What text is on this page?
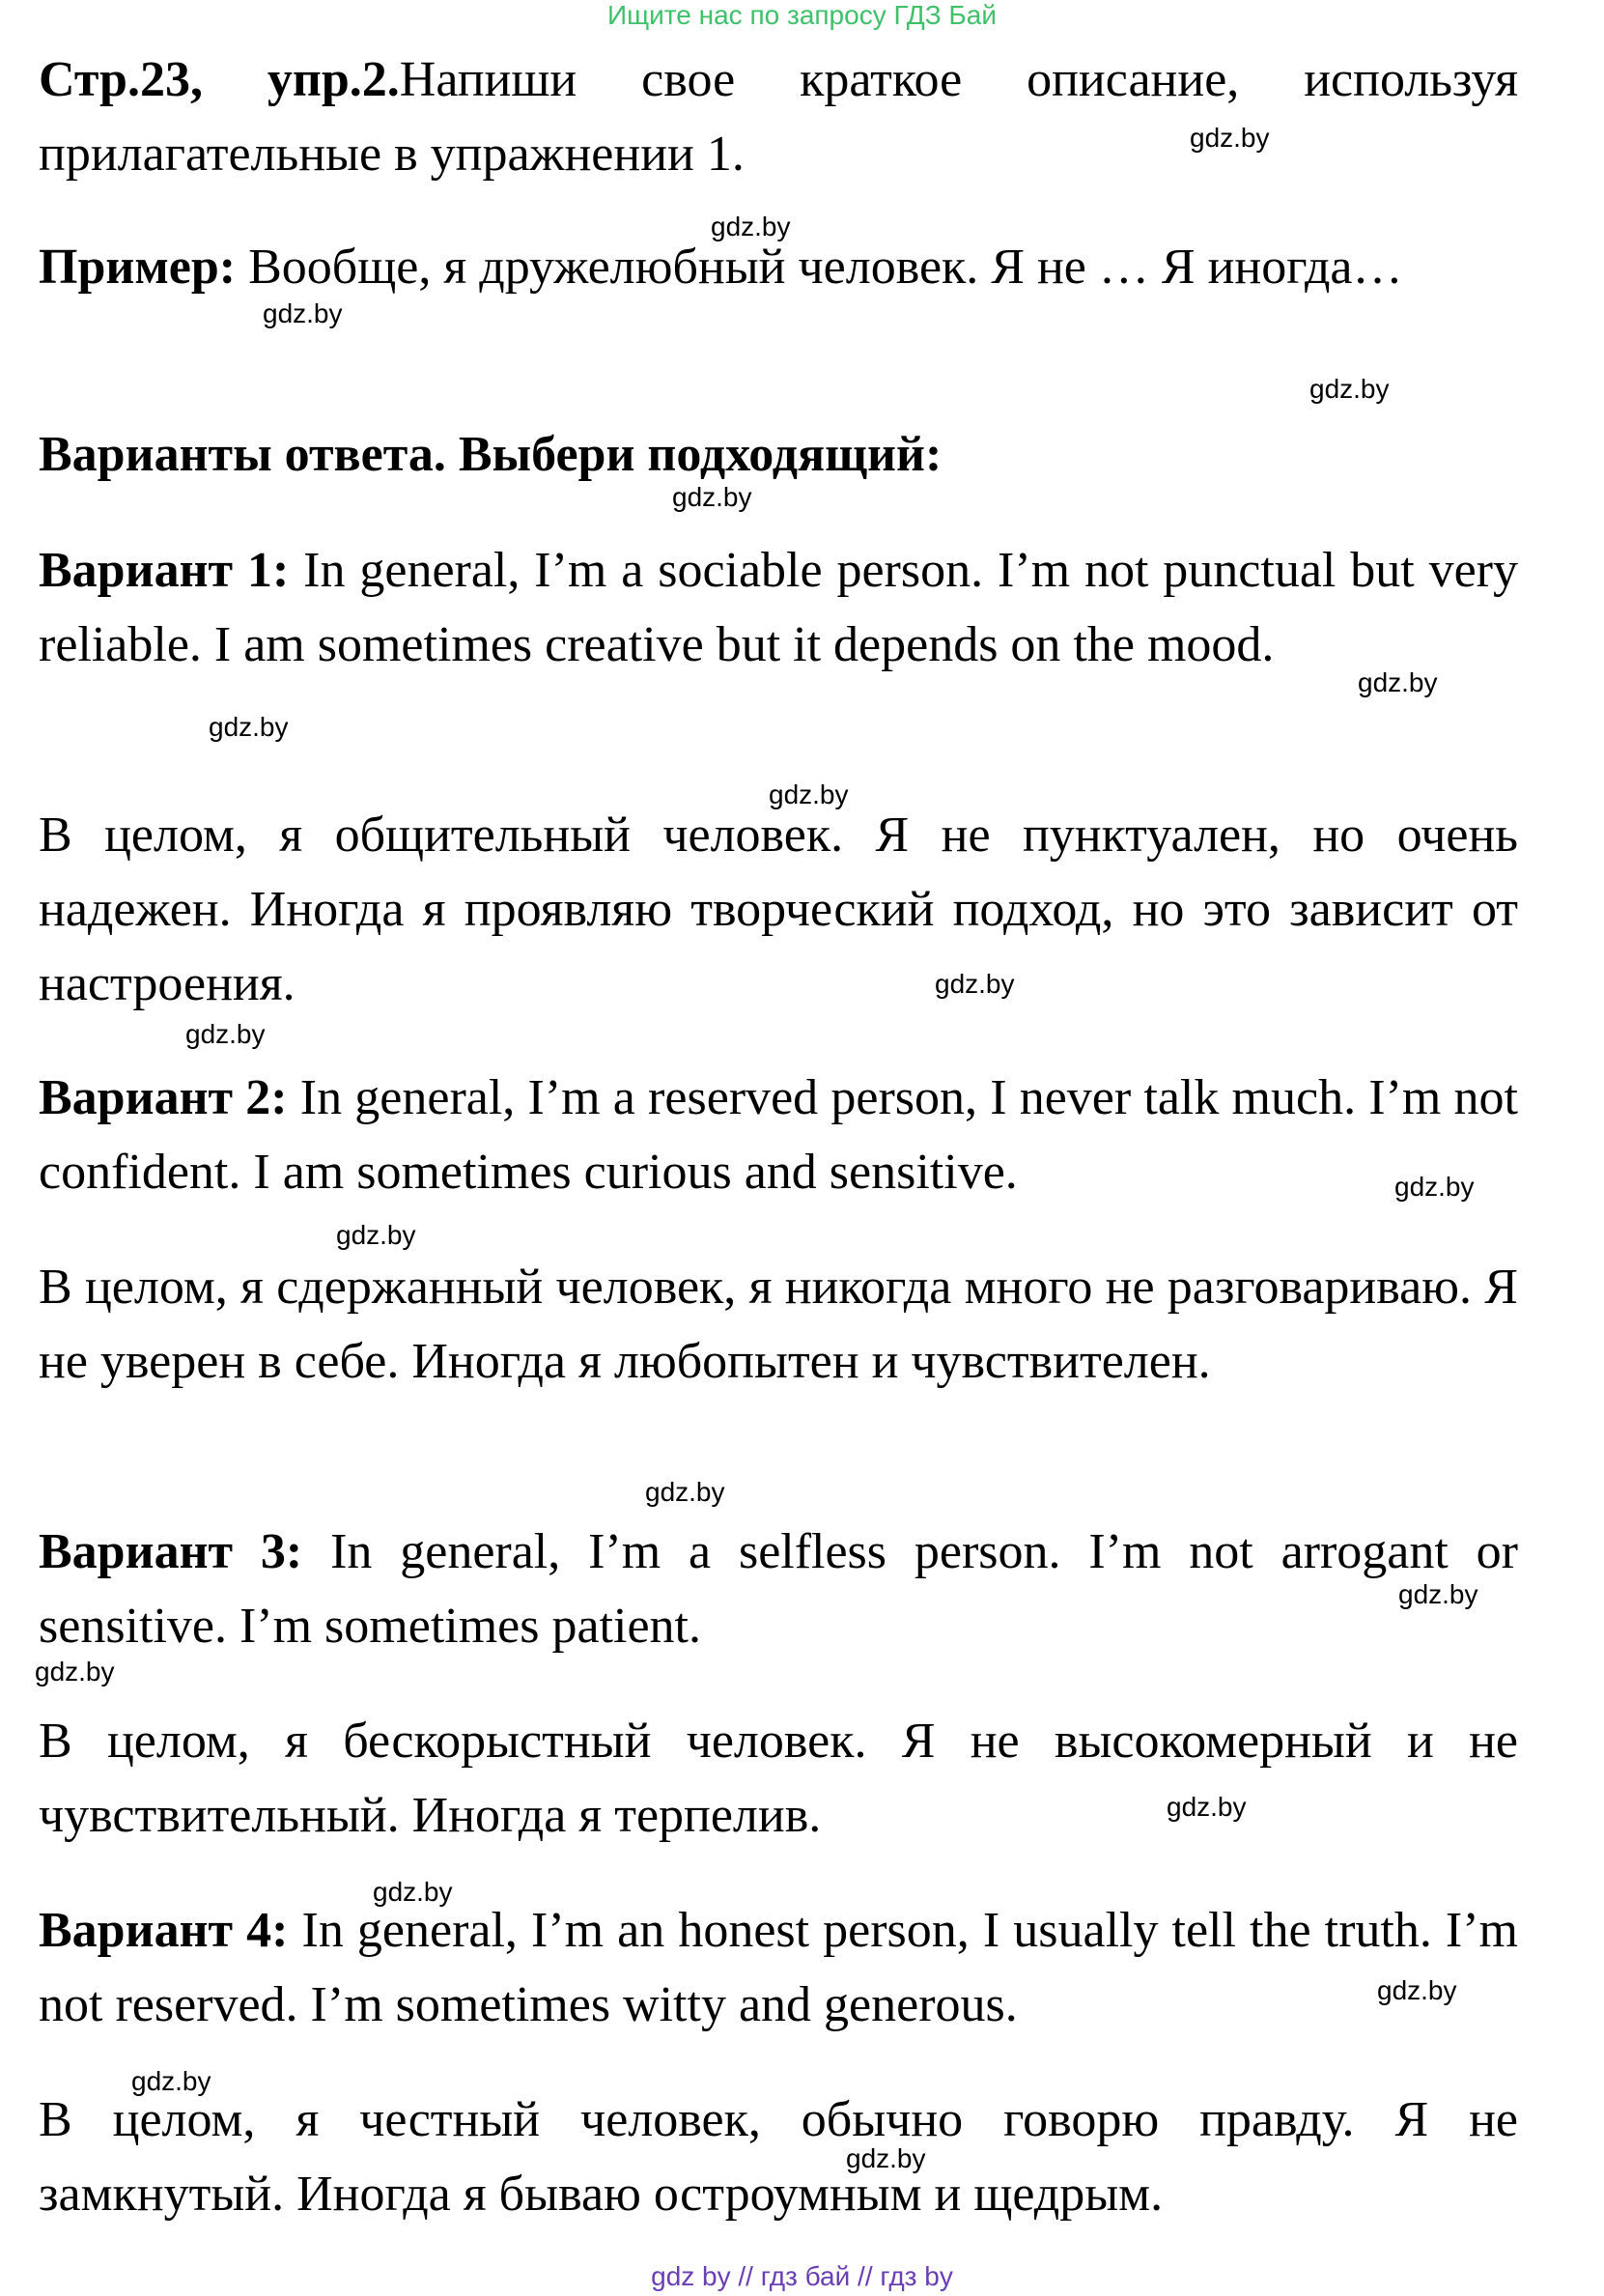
Ищите нас по запросу ГДЗ Бай

Стр.23, упр.2.Напиши свое краткое описание, используя прилагательные в упражнении 1.

Пример: Вообще, я дружелюбный человек. Я не … Я иногда…

Варианты ответа. Выбери подходящий:

Вариант 1: In general, I’m a sociable person. I’m not punctual but very reliable. I am sometimes creative but it depends on the mood.

В целом, я общительный человек. Я не пунктуален, но очень надежен. Иногда я проявляю творческий подход, но это зависит от настроения.

Вариант 2: In general, I’m a reserved person, I never talk much. I’m not confident. I am sometimes curious and sensitive.

В целом, я сдержанный человек, я никогда много не разговариваю. Я не уверен в себе. Иногда я любопытен и чувствителен.

Вариант 3: In general, I’m a selfless person. I’m not arrogant or sensitive. I’m sometimes patient.

В целом, я бескорыстный человек. Я не высокомерный и не чувствительный. Иногда я терпелив.

Вариант 4: In general, I’m an honest person, I usually tell the truth. I’m not reserved. I’m sometimes witty and generous.

В целом, я честный человек, обычно говорю правду. Я не замкнутый. Иногда я бываю остроумным и щедрым.

gdz.by
gdz.by
gdz.by
gdz.by
gdz.by
gdz.by
gdz.by
gdz.by
gdz.by
gdz.by
gdz.by
gdz.by
gdz.by
gdz.by
gdz.by
gdz.by
gdz.by
gdz.by
gdz.by
gdz.by
gdz by // гдз бай // гдз by
